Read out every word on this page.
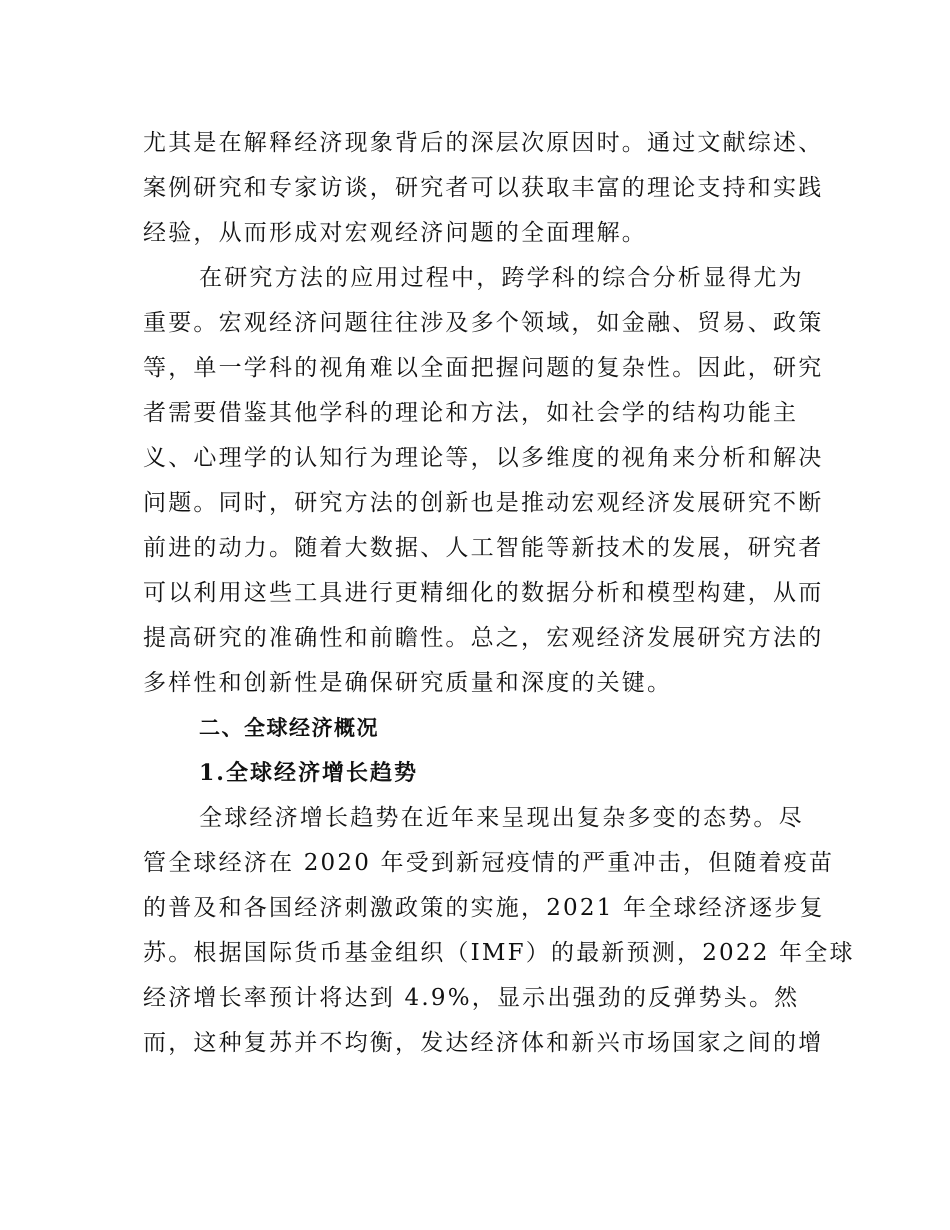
尤其是在解释经济现象背后的深层次原因时。通过文献综述、
案例研究和专家访谈，研究者可以获取丰富的理论支持和实践
经验，从而形成对宏观经济问题的全面理解。

在研究方法的应用过程中，跨学科的综合分析显得尤为
重要。宏观经济问题往往涉及多个领域，如金融、贸易、政策
等，单一学科的视角难以全面把握问题的复杂性。因此，研究
者需要借鉴其他学科的理论和方法，如社会学的结构功能主
义、心理学的认知行为理论等，以多维度的视角来分析和解决
问题。同时，研究方法的创新也是推动宏观经济发展研究不断
前进的动力。随着大数据、人工智能等新技术的发展，研究者
可以利用这些工具进行更精细化的数据分析和模型构建，从而
提高研究的准确性和前瞻性。总之，宏观经济发展研究方法的
多样性和创新性是确保研究质量和深度的关键。

二、全球经济概况
1.全球经济增长趋势

全球经济增长趋势在近年来呈现出复杂多变的态势。尽
管全球经济在 2020 年受到新冠疫情的严重冲击，但随着疫苗
的普及和各国经济刺激政策的实施，2021 年全球经济逐步复
苏。根据国际货币基金组织（IMF）的最新预测，2022 年全球
经济增长率预计将达到 4.9%，显示出强劲的反弹势头。然
而，这种复苏并不均衡，发达经济体和新兴市场国家之间的增
